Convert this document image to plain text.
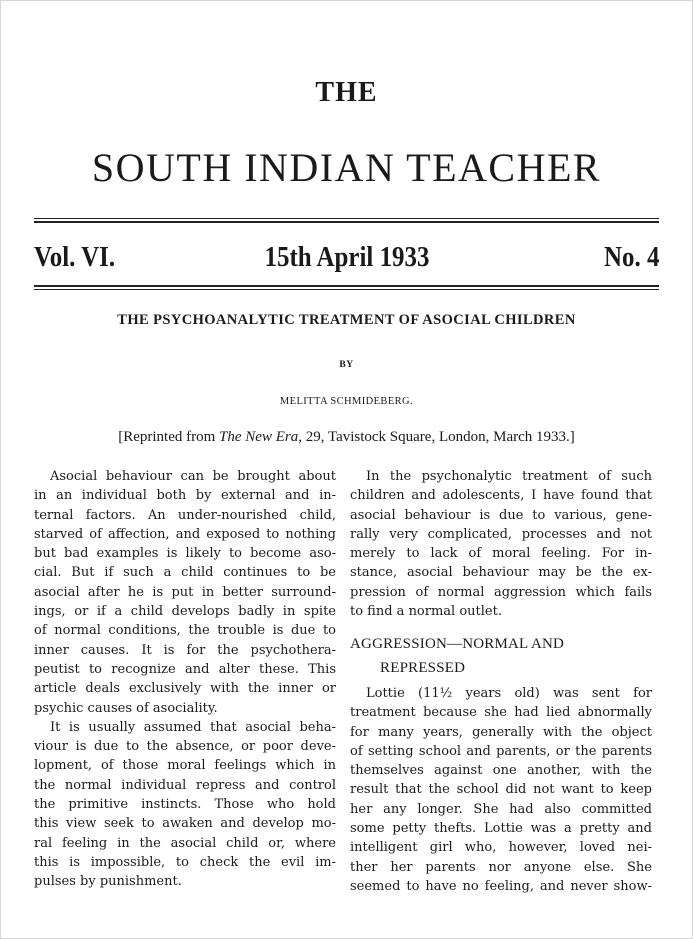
THE
SOUTH INDIAN TEACHER
Vol. VI.	15th April 1933	No. 4
THE PSYCHOANALYTIC TREATMENT OF ASOCIAL CHILDREN
BY
MELITTA SCHMIDEBERG.
[Reprinted from The New Era, 29, Tavistock Square, London, March 1933.]
Asocial behaviour can be brought about
in an individual both by external and in-
ternal factors. An under-nourished child,
starved of affection, and exposed to nothing
but bad examples is likely to become aso-
cial. But if such a child continues to be
asocial after he is put in better surround-
ings, or if a child develops badly in spite
of normal conditions, the trouble is due to
inner causes. It is for the psychothera-
peutist to recognize and alter these. This
article deals exclusively with the inner or
psychic causes of asociality.
It is usually assumed that asocial beha-
viour is due to the absence, or poor deve-
lopment, of those moral feelings which in
the normal individual repress and control
the primitive instincts. Those who hold
this view seek to awaken and develop mo-
ral feeling in the asocial child or, where
this is impossible, to check the evil im-
pulses by punishment.
In the psychonalytic treatment of such
children and adolescents, I have found that
asocial behaviour is due to various, gene-
rally very complicated, processes and not
merely to lack of moral feeling. For in-
stance, asocial behaviour may be the ex-
pression of normal aggression which fails
to find a normal outlet.
AGGRESSION—NORMAL AND
REPRESSED
Lottie (11½ years old) was sent for
treatment because she had lied abnormally
for many years, generally with the object
of setting school and parents, or the parents
themselves against one another, with the
result that the school did not want to keep
her any longer. She had also committed
some petty thefts. Lottie was a pretty and
intelligent girl who, however, loved nei-
ther her parents nor anyone else. She
seemed to have no feeling, and never show-
